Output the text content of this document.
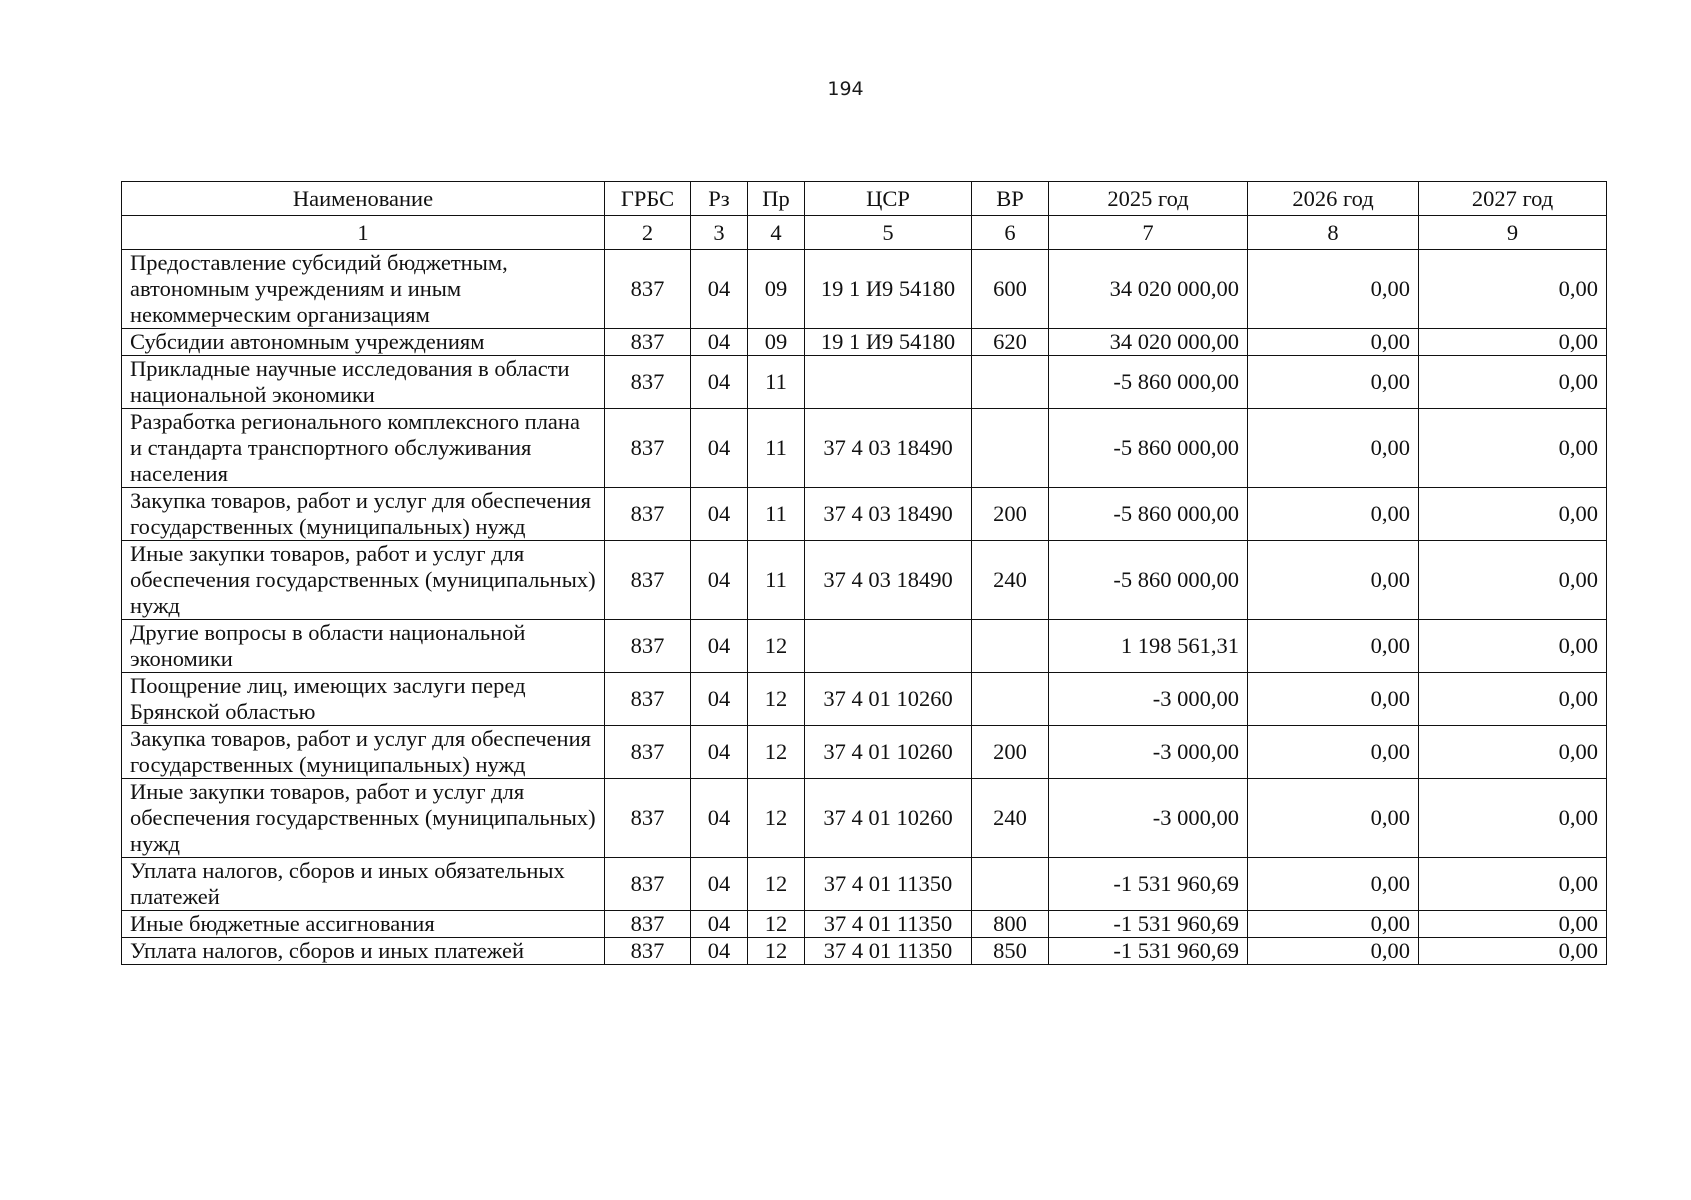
194
Наименование	ГРБС	Рз	Пр	ЦСР	ВР	2025 год	2026 год	2027 год
1	2	3	4	5	6	7	8	9
Предоставление субсидий бюджетным, автономным учреждениям и иным некоммерческим организациям	837	04	09	19 1 И9 54180	600	34 020 000,00	0,00	0,00
Субсидии автономным учреждениям	837	04	09	19 1 И9 54180	620	34 020 000,00	0,00	0,00
Прикладные научные исследования в области национальной экономики	837	04	11			-5 860 000,00	0,00	0,00
Разработка регионального комплексного плана и стандарта транспортного обслуживания населения	837	04	11	37 4 03 18490		-5 860 000,00	0,00	0,00
Закупка товаров, работ и услуг для обеспечения государственных (муниципальных) нужд	837	04	11	37 4 03 18490	200	-5 860 000,00	0,00	0,00
Иные закупки товаров, работ и услуг для обеспечения государственных (муниципальных) нужд	837	04	11	37 4 03 18490	240	-5 860 000,00	0,00	0,00
Другие вопросы в области национальной экономики	837	04	12			1 198 561,31	0,00	0,00
Поощрение лиц, имеющих заслуги перед Брянской областью	837	04	12	37 4 01 10260		-3 000,00	0,00	0,00
Закупка товаров, работ и услуг для обеспечения государственных (муниципальных) нужд	837	04	12	37 4 01 10260	200	-3 000,00	0,00	0,00
Иные закупки товаров, работ и услуг для обеспечения государственных (муниципальных) нужд	837	04	12	37 4 01 10260	240	-3 000,00	0,00	0,00
Уплата налогов, сборов и иных обязательных платежей	837	04	12	37 4 01 11350		-1 531 960,69	0,00	0,00
Иные бюджетные ассигнования	837	04	12	37 4 01 11350	800	-1 531 960,69	0,00	0,00
Уплата налогов, сборов и иных платежей	837	04	12	37 4 01 11350	850	-1 531 960,69	0,00	0,00
